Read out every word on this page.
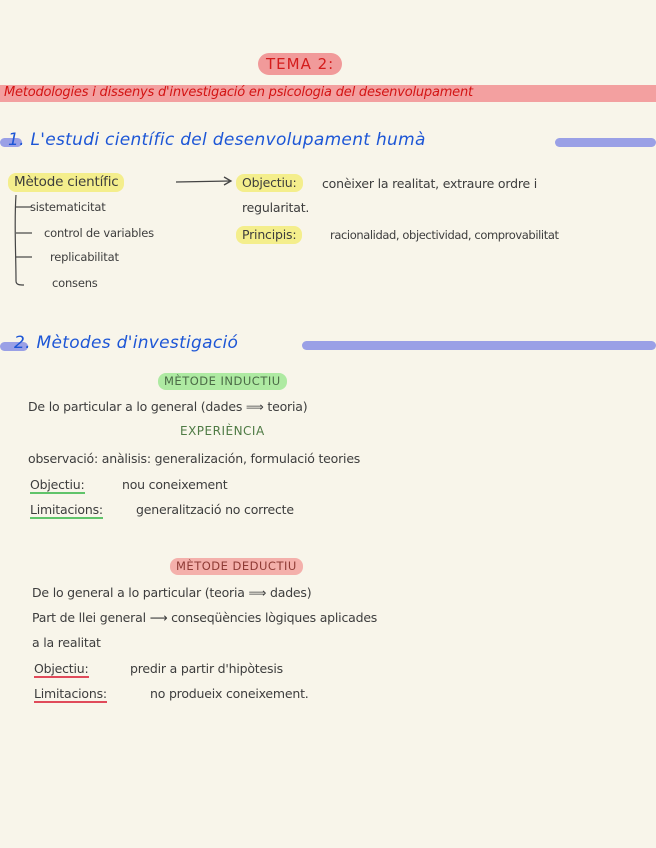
TEMA 2:
Metodologies i dissenys d'investigació en psicologia del desenvolupament
1. L'estudi científic del desenvolupament humà
Mètode científic
sistematicitat
control de variables
replicabilitat
consens
Objectiu:	conèixer la realitat, extraure ordre i
regularitat.
Principis:	racionalidad, objectividad, comprovabilitat
2. Mètodes d'investigació
MÈTODE INDUCTIU
De lo particular a lo general (dades ⟹ teoria)
EXPERIÈNCIA
observació: anàlisis: generalización, formulació teories
Objectiu:	nou coneixement
Limitacions:	generalització no correcte
MÈTODE DEDUCTIU
De lo general a lo particular (teoria ⟹ dades)
Part de llei general ⟶ conseqüències lògiques aplicades
a la realitat
Objectiu:	predir a partir d'hipòtesis
Limitacions:	no produeix coneixement.
